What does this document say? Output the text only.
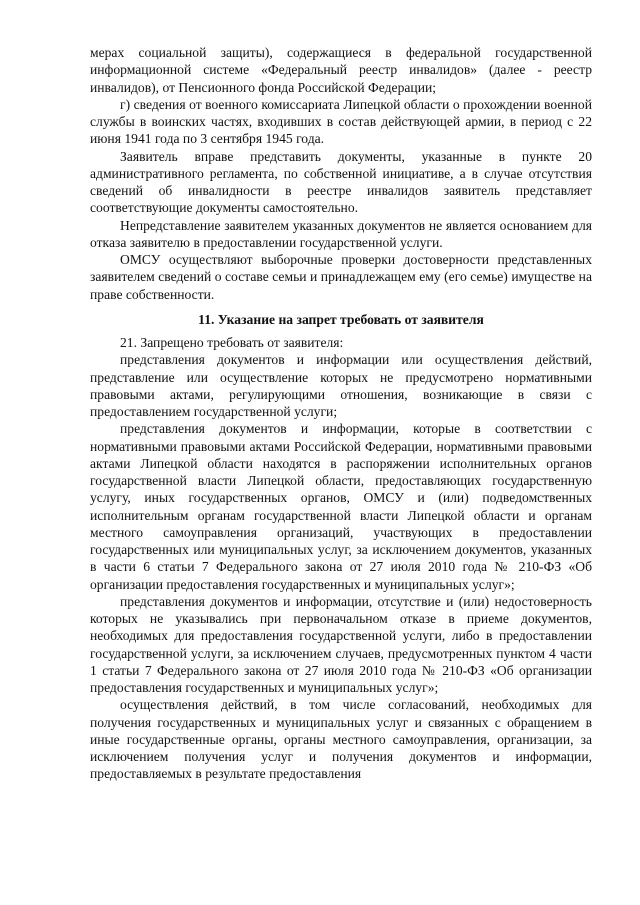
мерах социальной защиты), содержащиеся в федеральной государственной информационной системе «Федеральный реестр инвалидов» (далее - реестр инвалидов), от Пенсионного фонда Российской Федерации;

г) сведения от военного комиссариата Липецкой области о прохождении военной службы в воинских частях, входивших в состав действующей армии, в период с 22 июня 1941 года по 3 сентября 1945 года.

Заявитель вправе представить документы, указанные в пункте 20 административного регламента, по собственной инициативе, а в случае отсутствия сведений об инвалидности в реестре инвалидов заявитель представляет соответствующие документы самостоятельно.

Непредставление заявителем указанных документов не является основанием для отказа заявителю в предоставлении государственной услуги.

ОМСУ осуществляют выборочные проверки достоверности представленных заявителем сведений о составе семьи и принадлежащем ему (его семье) имуществе на праве собственности.

11. Указание на запрет требовать от заявителя

21. Запрещено требовать от заявителя:

представления документов и информации или осуществления действий, представление или осуществление которых не предусмотрено нормативными правовыми актами, регулирующими отношения, возникающие в связи с предоставлением государственной услуги;

представления документов и информации, которые в соответствии с нормативными правовыми актами Российской Федерации, нормативными правовыми актами Липецкой области находятся в распоряжении исполнительных органов государственной власти Липецкой области, предоставляющих государственную услугу, иных государственных органов, ОМСУ и (или) подведомственных исполнительным органам государственной власти Липецкой области и органам местного самоуправления организаций, участвующих в предоставлении государственных или муниципальных услуг, за исключением документов, указанных в части 6 статьи 7 Федерального закона от 27 июля 2010 года № 210-ФЗ «Об организации предоставления государственных и муниципальных услуг»;

представления документов и информации, отсутствие и (или) недостоверность которых не указывались при первоначальном отказе в приеме документов, необходимых для предоставления государственной услуги, либо в предоставлении государственной услуги, за исключением случаев, предусмотренных пунктом 4 части 1 статьи 7 Федерального закона от 27 июля 2010 года № 210-ФЗ «Об организации предоставления государственных и муниципальных услуг»;

осуществления действий, в том числе согласований, необходимых для получения государственных и муниципальных услуг и связанных с обращением в иные государственные органы, органы местного самоуправления, организации, за исключением получения услуг и получения документов и информации, предоставляемых в результате предоставления
